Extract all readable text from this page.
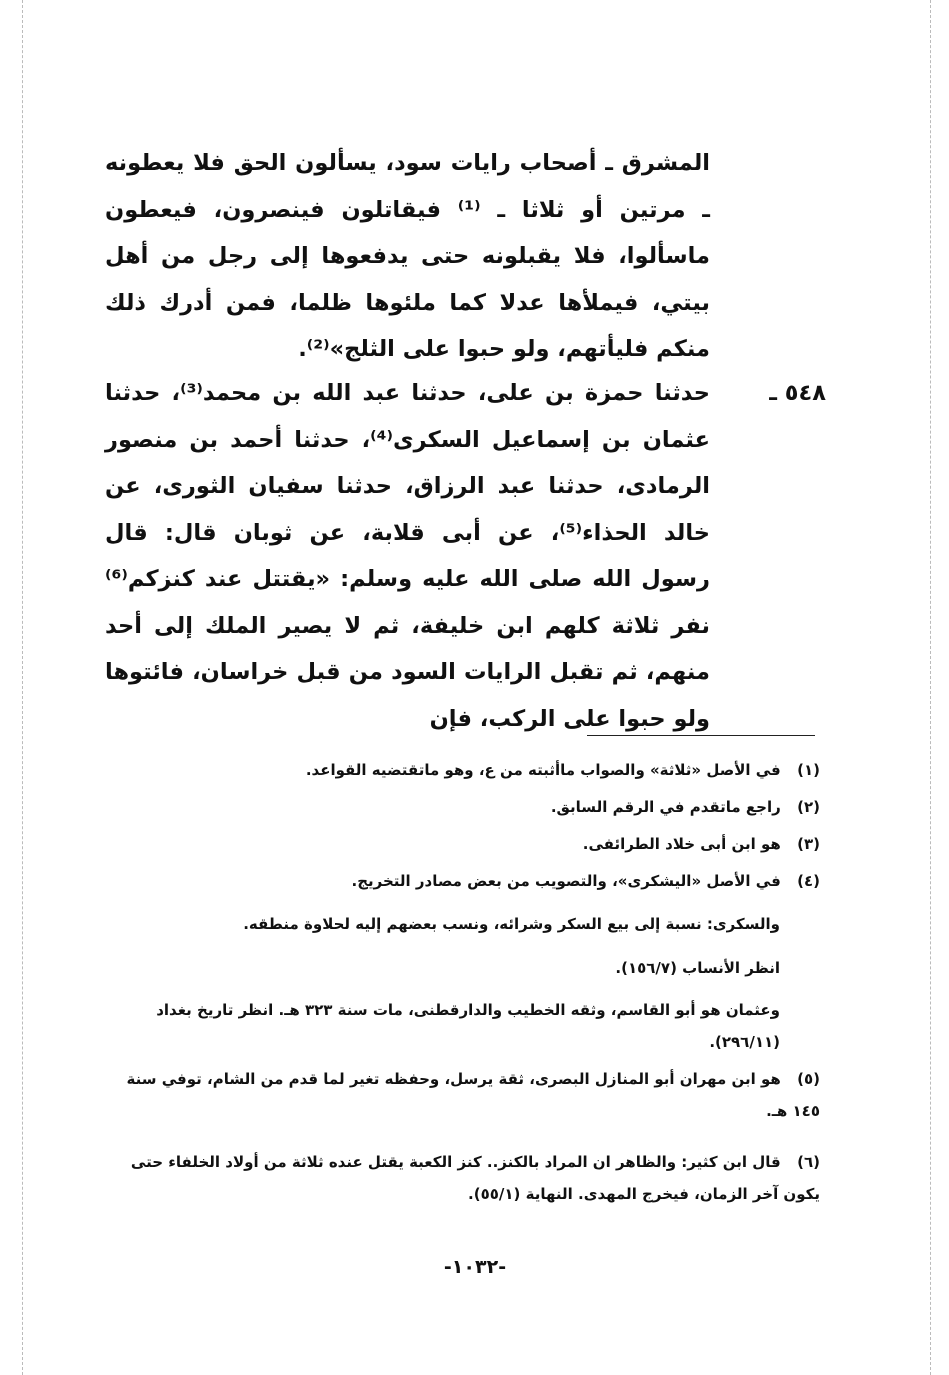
المشرق ـ أصحاب رايات سود، يسألون الحق فلا يعطونه ـ مرتين أو ثلاثا ـ ⁽¹⁾ فيقاتلون فينصرون، فيعطون ماسألوا، فلا يقبلونه حتى يدفعوها إلى رجل من أهل بيتي، فيملأها عدلا كما ملئوها ظلما، فمن أدرك ذلك منكم فليأتهم، ولو حبوا على الثلج»⁽²⁾.
٥٤٨ ـ
حدثنا حمزة بن على، حدثنا عبد الله بن محمد⁽³⁾، حدثنا عثمان بن إسماعيل السكرى⁽⁴⁾، حدثنا أحمد بن منصور الرمادى، حدثنا عبد الرزاق، حدثنا سفيان الثورى، عن خالد الحذاء⁽⁵⁾، عن أبى قلابة، عن ثوبان قال: قال رسول الله صلى الله عليه وسلم: «يقتتل عند كنزكم⁽⁶⁾ نفر ثلاثة كلهم ابن خليفة، ثم لا يصير الملك إلى أحد منهم، ثم تقبل الرايات السود من قبل خراسان، فائتوها ولو حبوا على الركب، فإن
(١) في الأصل «ثلاثة» والصواب ماأثبته من ع، وهو ماتقتضيه القواعد.
(٢) راجع ماتقدم في الرقم السابق.
(٣) هو ابن أبى خلاد الطرائفى.
(٤) في الأصل «اليشكرى»، والتصويب من بعض مصادر التخريج.
والسكرى: نسبة إلى بيع السكر وشرائه، ونسب بعضهم إليه لحلاوة منطقه.
انظر الأنساب (١٥٦/٧).
وعثمان هو أبو القاسم، وثقه الخطيب والدارقطنى، مات سنة ٣٢٣ هـ. انظر تاريخ بغداد (٢٩٦/١١).
(٥) هو ابن مهران أبو المنازل البصرى، ثقة يرسل، وحفظه تغير لما قدم من الشام، توفي سنة ١٤٥ هـ.
(٦) قال ابن كثير: والظاهر ان المراد بالكنز.. كنز الكعبة يقتل عنده ثلاثة من أولاد الخلفاء حتى يكون آخر الزمان، فيخرج المهدى. النهاية (٥٥/١).
-١٠٣٢-
